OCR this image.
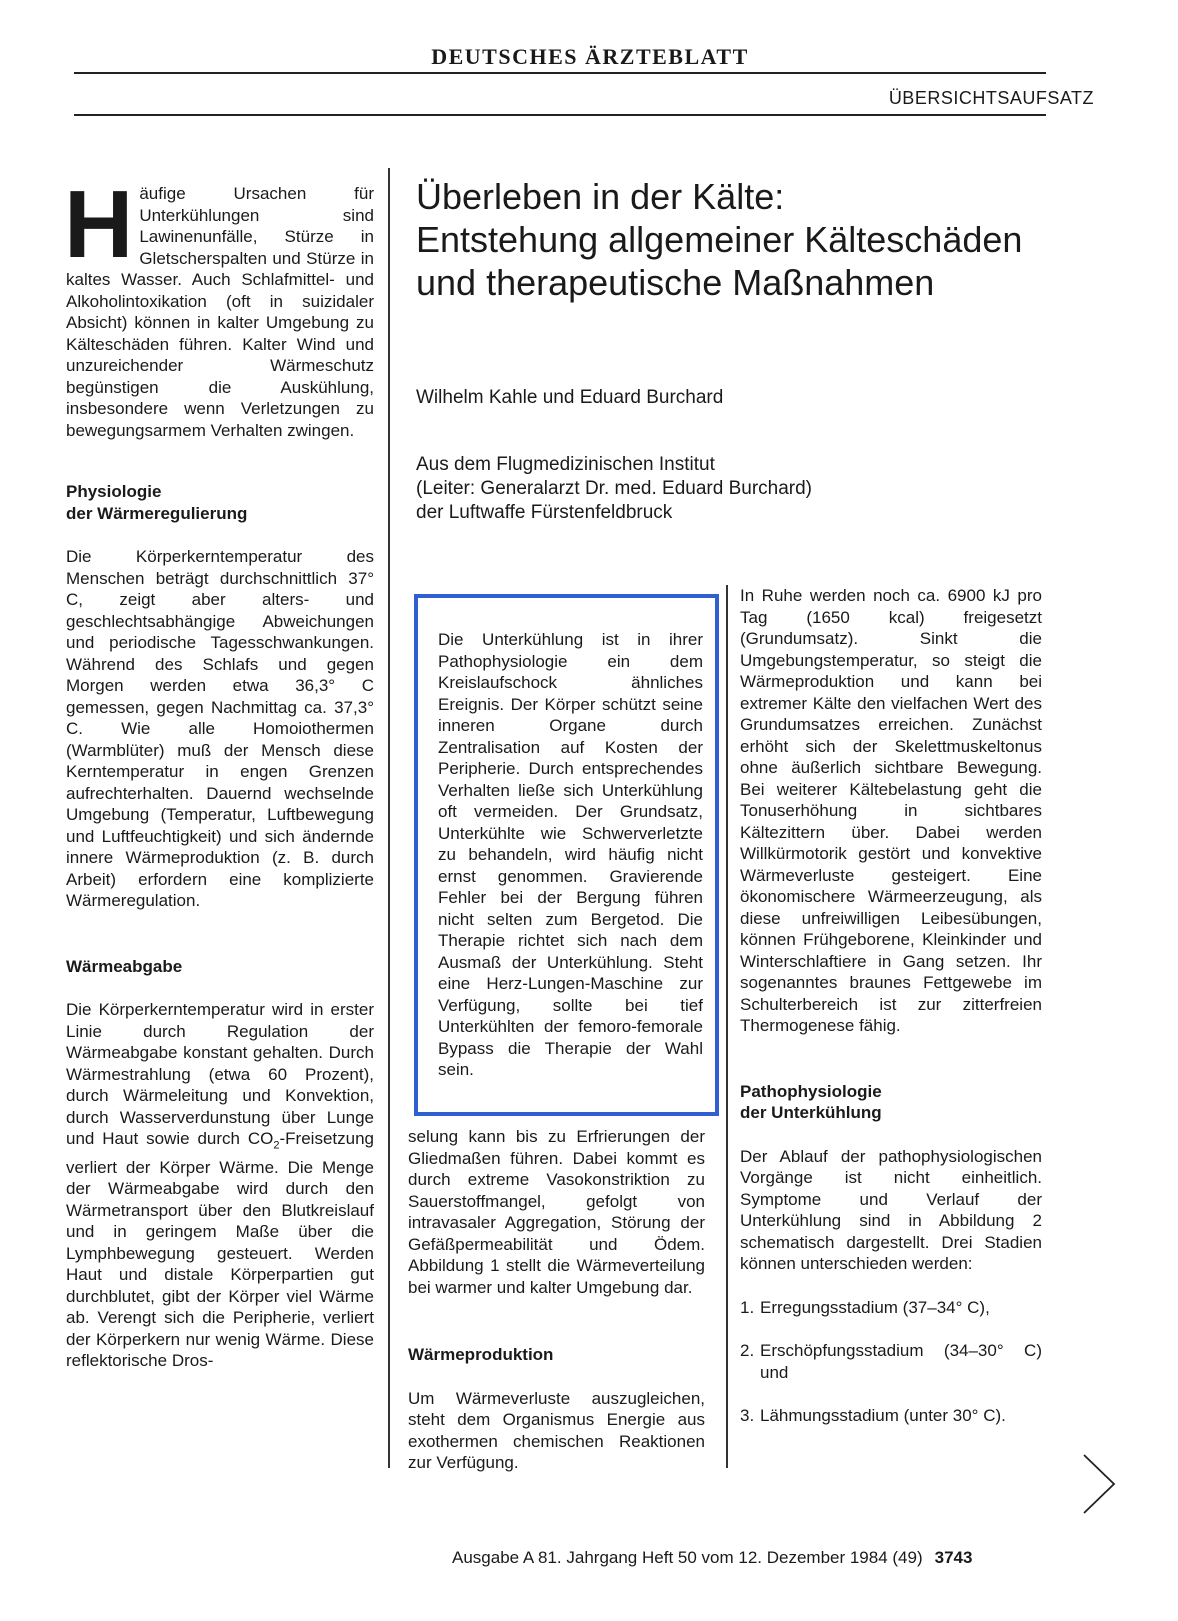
DEUTSCHES ÄRZTEBLATT
ÜBERSICHTSAUFSATZ

Häufige Ursachen für Unterkühlungen sind Lawinenunfälle, Stürze in Gletscherspalten und Stürze in kaltes Wasser. Auch Schlafmittel- und Alkoholintoxikation (oft in suizidaler Absicht) können in kalter Umgebung zu Kälteschäden führen. Kalter Wind und unzureichender Wärmeschutz begünstigen die Auskühlung, insbesondere wenn Verletzungen zu bewegungsarmem Verhalten zwingen.

Physiologie
der Wärmeregulierung

Die Körperkerntemperatur des Menschen beträgt durchschnittlich 37° C, zeigt aber alters- und geschlechtsabhängige Abweichungen und periodische Tagesschwankungen. Während des Schlafs und gegen Morgen werden etwa 36,3° C gemessen, gegen Nachmittag ca. 37,3° C. Wie alle Homoiothermen (Warmblüter) muß der Mensch diese Kerntemperatur in engen Grenzen aufrechterhalten. Dauernd wechselnde Umgebung (Temperatur, Luftbewegung und Luftfeuchtigkeit) und sich ändernde innere Wärmeproduktion (z. B. durch Arbeit) erfordern eine komplizierte Wärmeregulation.

Wärmeabgabe

Die Körperkerntemperatur wird in erster Linie durch Regulation der Wärmeabgabe konstant gehalten. Durch Wärmestrahlung (etwa 60 Prozent), durch Wärmeleitung und Konvektion, durch Wasserverdunstung über Lunge und Haut sowie durch $CO_2$-Freisetzung verliert der Körper Wärme. Die Menge der Wärmeabgabe wird durch den Wärmetransport über den Blutkreislauf und in geringem Maße über die Lymphbewegung gesteuert. Werden Haut und distale Körperpartien gut durchblutet, gibt der Körper viel Wärme ab. Verengt sich die Peripherie, verliert der Körperkern nur wenig Wärme. Diese reflektorische Dros-

Überleben in der Kälte:
Entstehung allgemeiner Kälteschäden
und therapeutische Maßnahmen
Wilhelm Kahle und Eduard Burchard
Aus dem Flugmedizinischen Institut
(Leiter: Generalarzt Dr. med. Eduard Burchard)
der Luftwaffe Fürstenfeldbruck

Die Unterkühlung ist in ihrer Pathophysiologie ein dem Kreislaufschock ähnliches Ereignis. Der Körper schützt seine inneren Organe durch Zentralisation auf Kosten der Peripherie. Durch entsprechendes Verhalten ließe sich Unterkühlung oft vermeiden. Der Grundsatz, Unterkühlte wie Schwerverletzte zu behandeln, wird häufig nicht ernst genommen. Gravierende Fehler bei der Bergung führen nicht selten zum Bergetod. Die Therapie richtet sich nach dem Ausmaß der Unterkühlung. Steht eine Herz-Lungen-Maschine zur Verfügung, sollte bei tief Unterkühlten der femoro-femorale Bypass die Therapie der Wahl sein.

selung kann bis zu Erfrierungen der Gliedmaßen führen. Dabei kommt es durch extreme Vasokonstriktion zu Sauerstoffmangel, gefolgt von intravasaler Aggregation, Störung der Gefäßpermeabilität und Ödem. Abbildung 1 stellt die Wärmeverteilung bei warmer und kalter Umgebung dar.

Wärmeproduktion

Um Wärmeverluste auszugleichen, steht dem Organismus Energie aus exothermen chemischen Reaktionen zur Verfügung.

In Ruhe werden noch ca. 6900 kJ pro Tag (1650 kcal) freigesetzt (Grundumsatz). Sinkt die Umgebungstemperatur, so steigt die Wärmeproduktion und kann bei extremer Kälte den vielfachen Wert des Grundumsatzes erreichen. Zunächst erhöht sich der Skelettmuskeltonus ohne äußerlich sichtbare Bewegung. Bei weiterer Kältebelastung geht die Tonuserhöhung in sichtbares Kältezittern über. Dabei werden Willkürmotorik gestört und konvektive Wärmeverluste gesteigert. Eine ökonomischere Wärmeerzeugung, als diese unfreiwilligen Leibesübungen, können Frühgeborene, Kleinkinder und Winterschlaftiere in Gang setzen. Ihr sogenanntes braunes Fettgewebe im Schulterbereich ist zur zitterfreien Thermogenese fähig.

Pathophysiologie
der Unterkühlung

Der Ablauf der pathophysiologischen Vorgänge ist nicht einheitlich. Symptome und Verlauf der Unterkühlung sind in Abbildung 2 schematisch dargestellt. Drei Stadien können unterschieden werden:

1. Erregungsstadium (37–34° C),
2. Erschöpfungsstadium (34–30° C) und
3. Lähmungsstadium (unter 30° C).
Ausgabe A 81. Jahrgang Heft 50 vom 12. Dezember 1984 (49) 3743
